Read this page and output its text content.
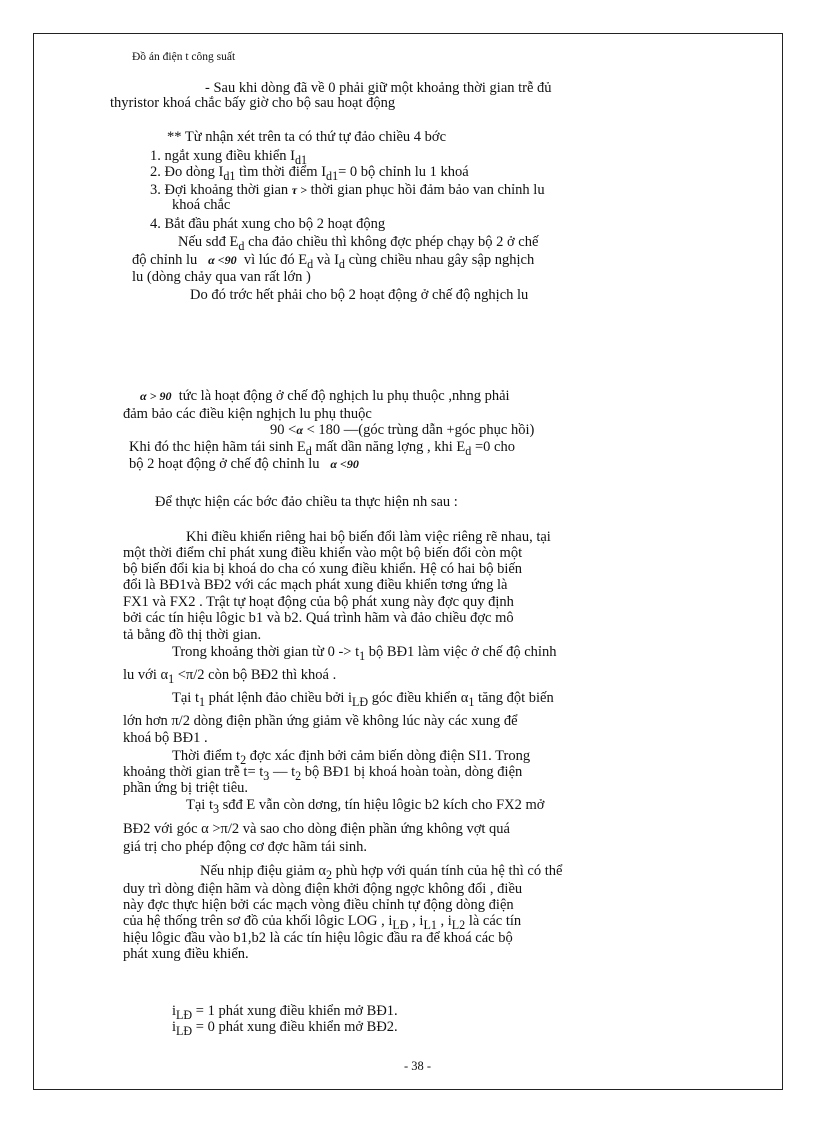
Đồ án điện t công suất
- Sau khi dòng đã về 0 phải giữ một khoảng thời gian trễ đủ
thyristor khoá chắc bấy giờ cho bộ sau hoạt động
** Từ nhận xét trên ta có thứ tự đảo chiều 4 bớc
1. ngắt xung điều khiển $I_{d1}$
2. Đo dòng $I_{d1}$ tìm thời điểm $I_{d1}= 0$ bộ chỉnh lu 1 khoá
3. Đợi khoảng thời gian τ > thời gian phục hồi đảm bảo van chỉnh lu
khoá chắc
4. Bắt đầu phát xung cho bộ 2 hoạt động
Nếu sdđ $E_d$ cha đảo chiều thì không đợc phép chạy bộ 2 ở chế
độ chỉnh lu α <90 vì lúc đó $E_d$ và $I_d$ cùng chiều nhau gây sập nghịch
lu (dòng chảy qua van rất lớn )
Do đó trớc hết phải cho bộ 2 hoạt động ở chế độ nghịch lu
α > 90 tức là hoạt động ở chế độ nghịch lu phụ thuộc ,nhng phải
đảm bảo các điều kiện nghịch lu phụ thuộc
90 <α < 180 —(góc trùng dẫn +góc phục hồi)
Khi đó thc hiện hãm tái $\sinh E_d$ mất dần năng lợng , khi $E_d =0$ cho
bộ 2 hoạt động ở chế độ chỉnh lu α <90
Để thực hiện các bớc đảo chiều ta thực hiện nh sau :
Khi điều khiển riêng hai bộ biến đổi làm việc riêng rẽ nhau, tại
một thời điểm chỉ phát xung điều khiển vào một bộ biến đổi còn một
bộ biến đổi kia bị khoá do cha có xung điều khiển. Hệ có hai bộ biến
đổi là BĐ1và BĐ2 với các mạch phát xung điều khiển tơng ứng là
FX1 và FX2 . Trật tự hoạt động của bộ phát xung này đợc quy định
bởi các tín hiệu lôgic b1 và b2. Quá trình hãm và đảo chiều đợc mô
tả bằng đồ thị thời gian.
Trong khoảng thời gian từ $0 -> t_1$ bộ BĐ1 làm việc ở chế độ chỉnh
lu với $\alpha_1 <\pi/2$ còn bộ BĐ2 thì khoá .
Tại $t_1$ phát lệnh đảo chiều bởi $i_{LĐ}$ góc điều khiển $\alpha_1$ tăng đột biến
lớn hơn π/2 dòng điện phần ứng giảm về không lúc này các xung để
khoá bộ BĐ1 .
Thời điểm $t_2$ đợc xác định bởi cảm biến dòng điện SI1. Trong
khoảng thời gian trễ $t= t_3$ — $t_2$ bộ BĐ1 bị khoá hoàn toàn, dòng điện
phần ứng bị triệt tiêu.
Tại $t_3$ sđđ E vẫn còn dơng, tín hiệu lôgic b2 kích cho FX2 mở
BĐ2 với góc α >π/2 và sao cho dòng điện phần ứng không vợt quá
giá trị cho phép động cơ đợc hãm tái sinh.
Nếu nhịp điệu giảm $\alpha_2$ phù hợp với quán tính của hệ thì có thể
duy trì dòng điện hãm và dòng điện khởi động ngợc không đổi , điều
này đợc thực hiện bởi các mạch vòng điều chỉnh tự động dòng điện
của hệ thống trên sơ đồ của khối lôgic LOG , $i_{LĐ}$ , $i_{L1}$ , $i_{L2}$ là các tín
hiệu lôgic đầu vào b1,b2 là các tín hiệu lôgic đầu ra để khoá các bộ
phát xung điều khiển.
$i_{LĐ} = 1$ phát xung điều khiển mở BĐ1.
$i_{LĐ} = 0$ phát xung điều khiển mở BĐ2.
- 38 -
